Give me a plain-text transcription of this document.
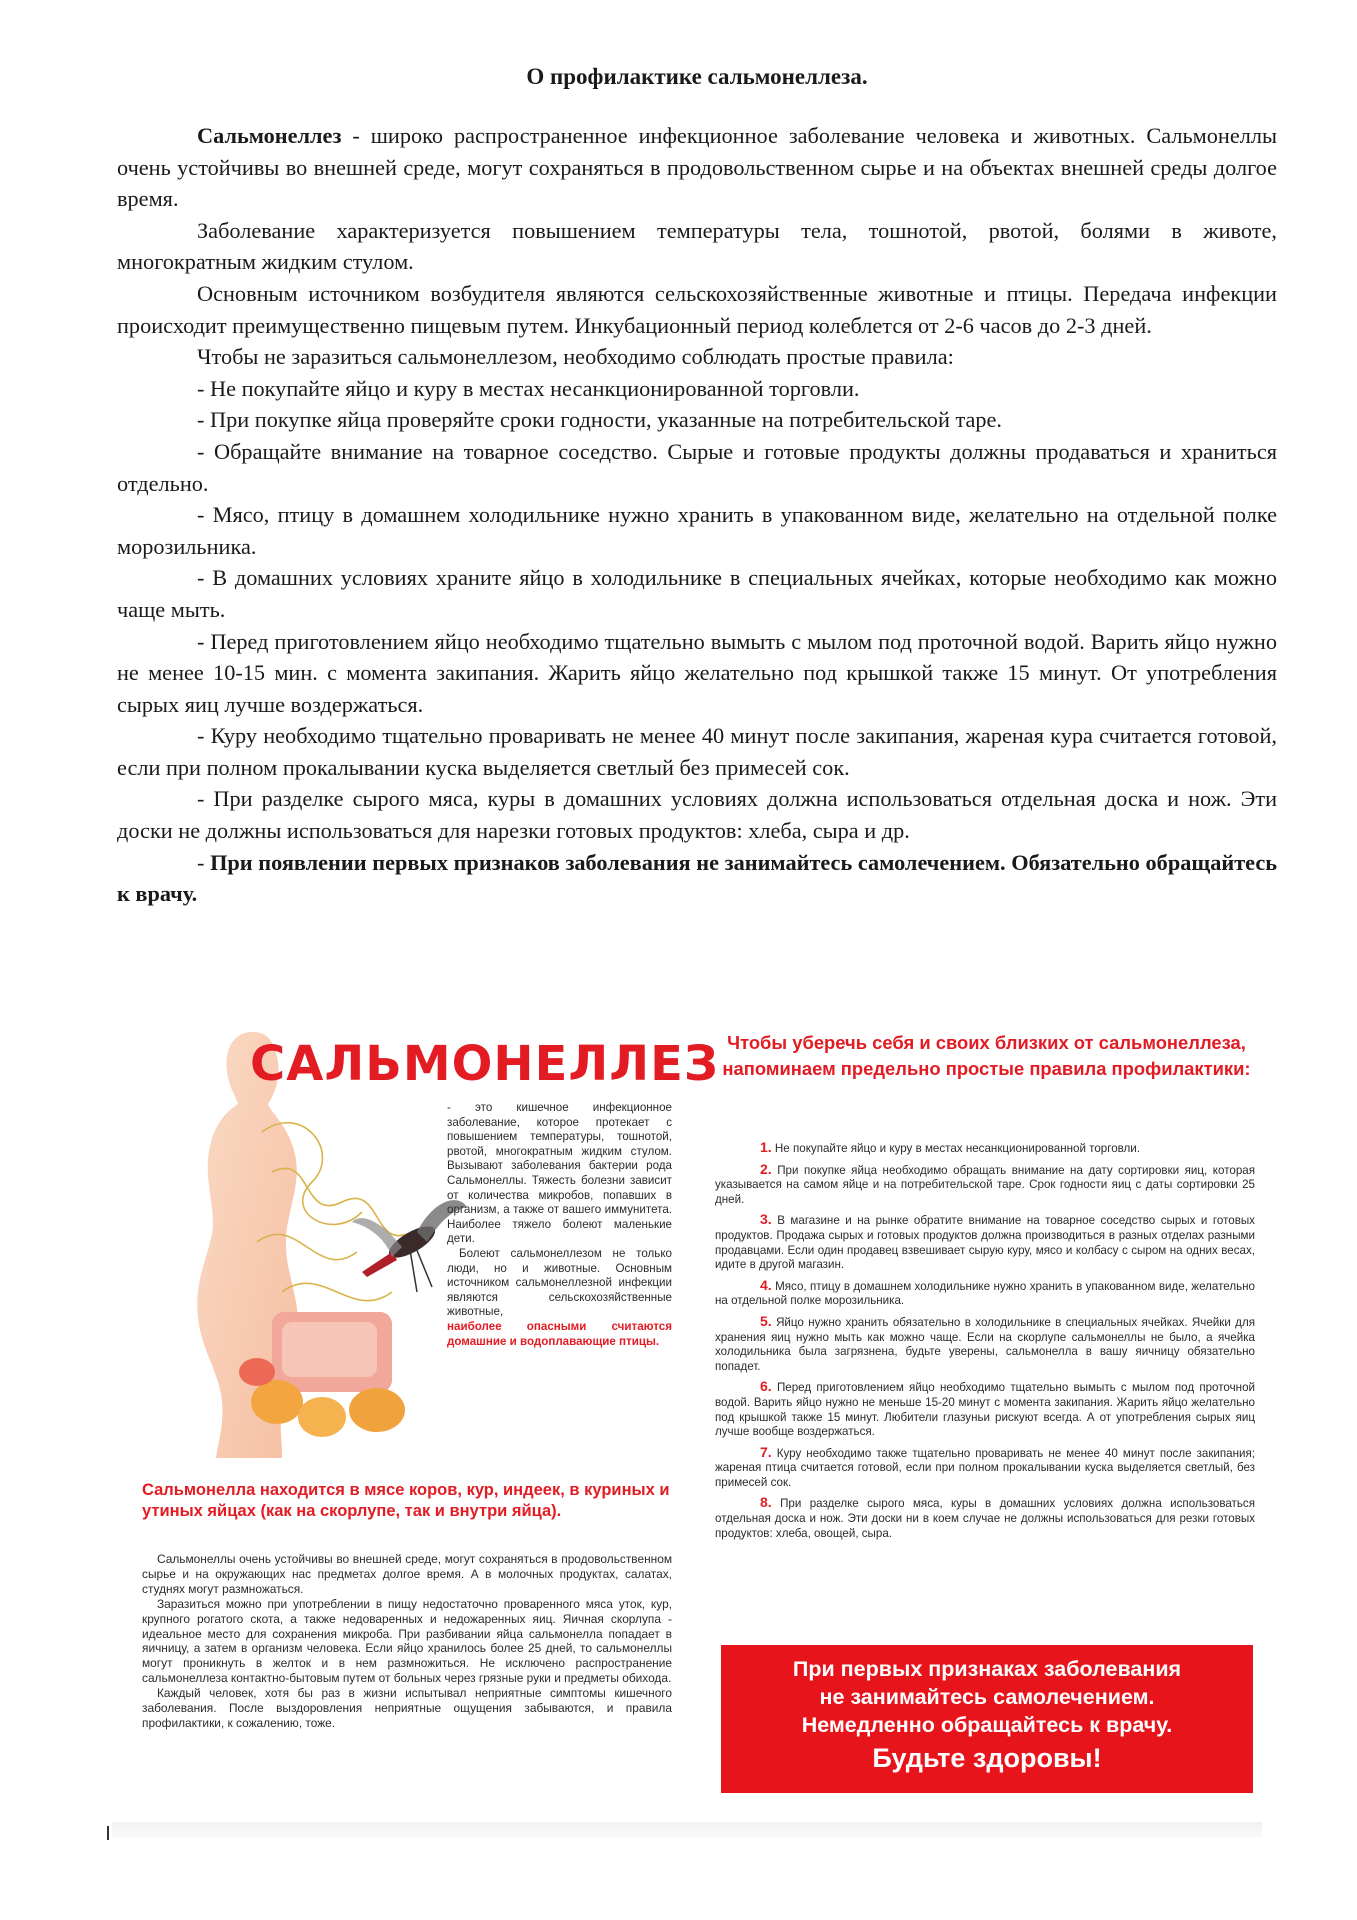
О профилактике сальмонеллеза.

Сальмонеллез - широко распространенное инфекционное заболевание человека и животных. Сальмонеллы очень устойчивы во внешней среде, могут сохраняться в продовольственном сырье и на объектах внешней среды долгое время.

Заболевание характеризуется повышением температуры тела, тошнотой, рвотой, болями в животе, многократным жидким стулом.

Основным источником возбудителя являются сельскохозяйственные животные и птицы. Передача инфекции происходит преимущественно пищевым путем. Инкубационный период колеблется от 2-6 часов до 2-3 дней.

Чтобы не заразиться сальмонеллезом, необходимо соблюдать простые правила:

- Не покупайте яйцо и куру в местах несанкционированной торговли.

- При покупке яйца проверяйте сроки годности, указанные на потребительской таре.

- Обращайте внимание на товарное соседство. Сырые и готовые продукты должны продаваться и храниться отдельно.

- Мясо, птицу в домашнем холодильнике нужно хранить в упакованном виде, желательно на отдельной полке морозильника.

- В домашних условиях храните яйцо в холодильнике в специальных ячейках, которые необходимо как можно чаще мыть.

- Перед приготовлением яйцо необходимо тщательно вымыть с мылом под проточной водой. Варить яйцо нужно не менее 10-15 мин. с момента закипания. Жарить яйцо желательно под крышкой также 15 минут. От употребления сырых яиц лучше воздержаться.

- Куру необходимо тщательно проваривать не менее 40 минут после закипания, жареная кура считается готовой, если при полном прокалывании куска выделяется светлый без примесей сок.

- При разделке сырого мяса, куры в домашних условиях должна использоваться отдельная доска и нож. Эти доски не должны использоваться для нарезки готовых продуктов: хлеба, сыра и др.

- При появлении первых признаков заболевания не занимайтесь самолечением. Обязательно обращайтесь к врачу.

САЛЬМОНЕЛЛЕЗ

- это кишечное инфекционное заболевание, которое протекает с повышением температуры, тошнотой, рвотой, многократным жидким стулом. Вызывают заболевания бактерии рода Сальмонеллы. Тяжесть болезни зависит от количества микробов, попавших в организм, а также от вашего иммунитета. Наиболее тяжело болеют маленькие дети.
Болеют сальмонеллезом не только люди, но и животные. Основным источником сальмонеллезной инфекции являются сельскохозяйственные животные,наиболее опасными считаются домашние и водоплавающие птицы.

Сальмонелла находится в мясе коров, кур, индеек, в куриных и утиных яйцах (как на скорлупе, так и внутри яйца).

Сальмонеллы очень устойчивы во внешней среде, могут сохраняться в продовольственном сырье и на окружающих нас предметах долгое время. А в молочных продуктах, салатах, студнях могут размножаться.

Заразиться можно при употреблении в пищу недостаточно проваренного мяса уток, кур, крупного рогатого скота, а также недоваренных и недожаренных яиц. Яичная скорлупа - идеальное место для сохранения микроба. При разбивании яйца сальмонелла попадает в яичницу, а затем в организм человека. Если яйцо хранилось более 25 дней, то сальмонеллы могут проникнуть в желток и в нем размножиться. Не исключено распространение сальмонеллеза контактно-бытовым путем от больных через грязные руки и предметы обихода.

Каждый человек, хотя бы раз в жизни испытывал неприятные симптомы кишечного заболевания. После выздоровления неприятные ощущения забываются, и правила профилактики, к сожалению, тоже.

Чтобы уберечь себя и своих близких от сальмонеллеза, напоминаем предельно простые правила профилактики:

1. Не покупайте яйцо и куру в местах несанкционированной торговли.

2. При покупке яйца необходимо обращать внимание на дату сортировки яиц, которая указывается на самом яйце и на потребительской таре. Срок годности яиц с даты сортировки 25 дней.

3. В магазине и на рынке обратите внимание на товарное соседство сырых и готовых продуктов. Продажа сырых и готовых продуктов должна производиться в разных отделах разными продавцами. Если один продавец взвешивает сырую куру, мясо и колбасу с сыром на одних весах, идите в другой магазин.

4. Мясо, птицу в домашнем холодильнике нужно хранить в упакованном виде, желательно на отдельной полке морозильника.

5. Яйцо нужно хранить обязательно в холодильнике в специальных ячейках. Ячейки для хранения яиц нужно мыть как можно чаще. Если на скорлупе сальмонеллы не было, а ячейка холодильника была загрязнена, будьте уверены, сальмонелла в вашу яичницу обязательно попадет.

6. Перед приготовлением яйцо необходимо тщательно вымыть с мылом под проточной водой. Варить яйцо нужно не меньше 15-20 минут с момента закипания. Жарить яйцо желательно под крышкой также 15 минут. Любители глазуньи рискуют всегда. А от употребления сырых яиц лучше вообще воздержаться.

7. Куру необходимо также тщательно проваривать не менее 40 минут после закипания; жареная птица считается готовой, если при полном прокалывании куска выделяется светлый, без примесей сок.

8. При разделке сырого мяса, куры в домашних условиях должна использоваться отдельная доска и нож. Эти доски ни в коем случае не должны использоваться для резки готовых продуктов: хлеба, овощей, сыра.

При первых признаках заболевания

не занимайтесь самолечением.

Немедленно обращайтесь к врачу.

Будьте здоровы!
